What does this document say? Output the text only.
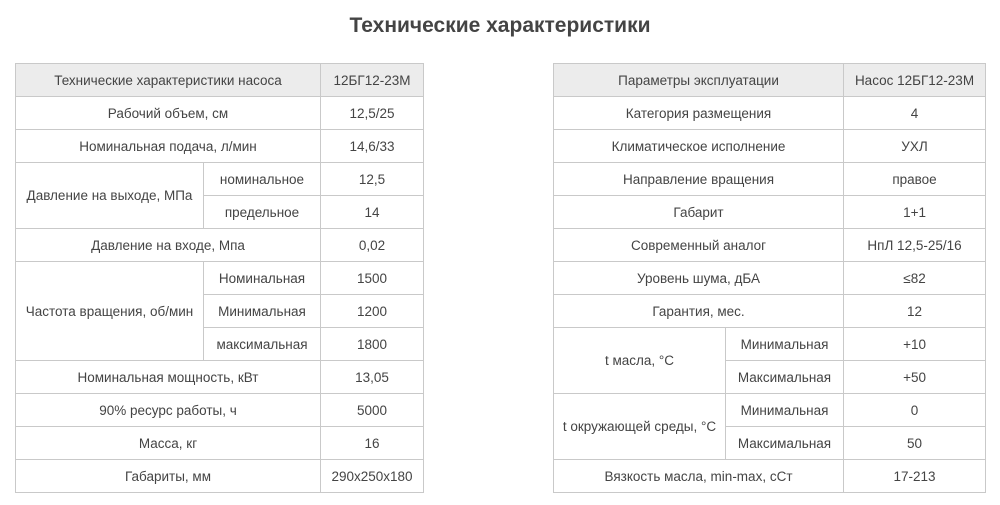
Технические характеристики
Технические характеристики насоса		12БГ12-23М
Рабочий объем, см		12,5/25
Номинальная подача, л/мин		14,6/33
Давление на выходе, МПа	номинальное	12,5
	предельное	14
Давление на входе, Мпа		0,02
Частота вращения, об/мин	Номинальная	1500
	Минимальная	1200
	максимальная	1800
Номинальная мощность, кВт		13,05
90% ресурс работы, ч		5000
Масса, кг		16
Габариты, мм		290x250x180
Параметры эксплуатации		Насос 12БГ12-23М
Категория размещения		4
Климатическое исполнение		УХЛ
Направление вращения		правое
Габарит		1+1
Современный аналог		НпЛ 12,5-25/16
Уровень шума, дБА		≤82
Гарантия, мес.		12
t масла, °С	Минимальная	+10
	Максимальная	+50
t окружающей среды, °С	Минимальная	0
	Максимальная	50
Вязкость масла, min-max, сСт		17-213
